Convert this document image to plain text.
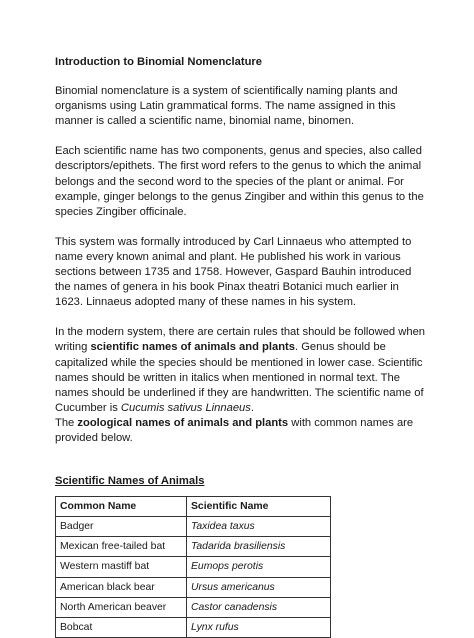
Introduction to Binomial Nomenclature

Binomial nomenclature is a system of scientifically naming plants and organisms using Latin grammatical forms. The name assigned in this manner is called a scientific name, binomial name, binomen.

Each scientific name has two components, genus and species, also called descriptors/epithets. The first word refers to the genus to which the animal belongs and the second word to the species of the plant or animal. For example, ginger belongs to the genus Zingiber and within this genus to the species Zingiber officinale.

This system was formally introduced by Carl Linnaeus who attempted to name every known animal and plant. He published his work in various sections between 1735 and 1758. However, Gaspard Bauhin introduced the names of genera in his book Pinax theatri Botanici much earlier in 1623. Linnaeus adopted many of these names in his system.

In the modern system, there are certain rules that should be followed when writing scientific names of animals and plants. Genus should be capitalized while the species should be mentioned in lower case. Scientific names should be written in italics when mentioned in normal text. The names should be underlined if they are handwritten. The scientific name of Cucumber is Cucumis sativus Linnaeus.

The zoological names of animals and plants with common names are provided below.

Scientific Names of Animals
Common Name	Scientific Name
Badger	Taxidea taxus
Mexican free-tailed bat	Tadarida brasiliensis
Western mastiff bat	Eumops perotis
American black bear	Ursus americanus
North American beaver	Castor canadensis
Bobcat	Lynx rufus
